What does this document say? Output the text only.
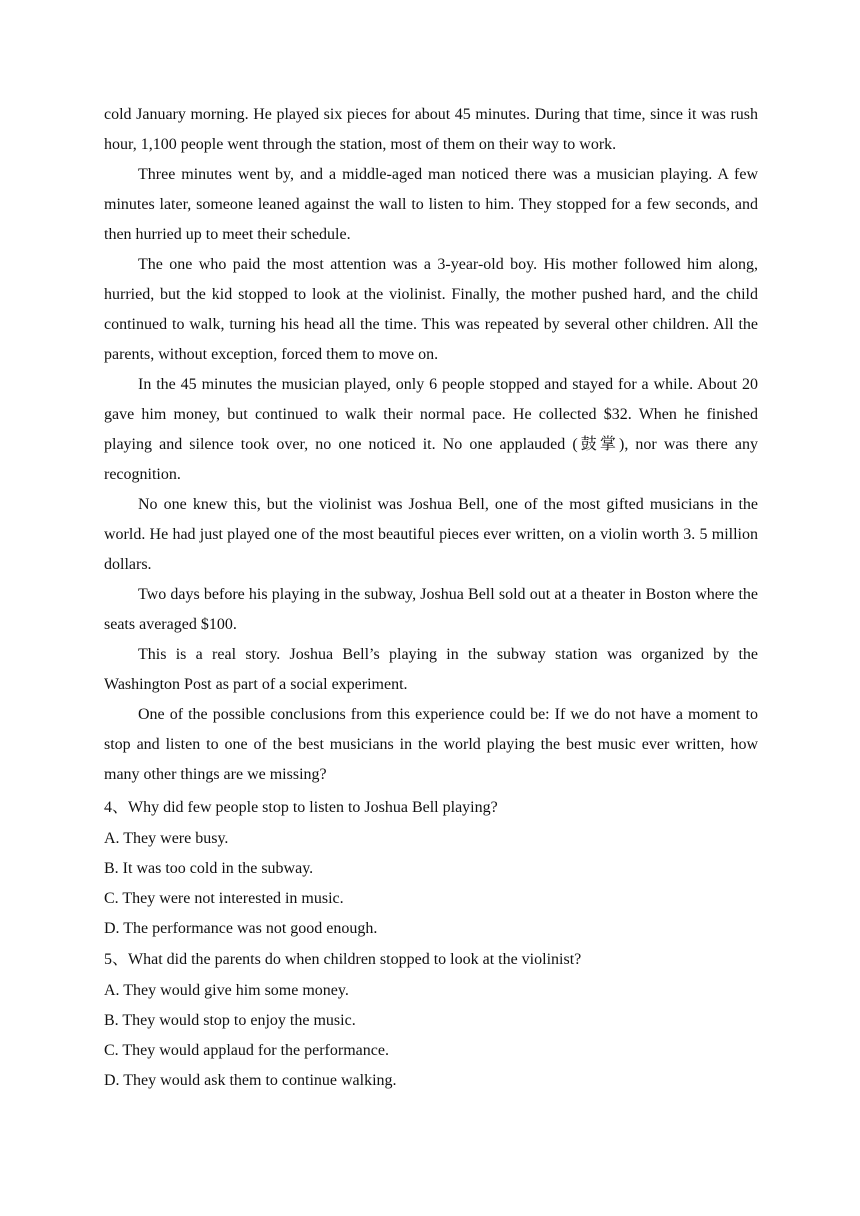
cold January morning. He played six pieces for about 45 minutes. During that time, since it was rush hour, 1,100 people went through the station, most of them on their way to work.

Three minutes went by, and a middle-aged man noticed there was a musician playing. A few minutes later, someone leaned against the wall to listen to him. They stopped for a few seconds, and then hurried up to meet their schedule.

The one who paid the most attention was a 3-year-old boy. His mother followed him along, hurried, but the kid stopped to look at the violinist. Finally, the mother pushed hard, and the child continued to walk, turning his head all the time. This was repeated by several other children. All the parents, without exception, forced them to move on.

In the 45 minutes the musician played, only 6 people stopped and stayed for a while. About 20 gave him money, but continued to walk their normal pace. He collected $32. When he finished playing and silence took over, no one noticed it. No one applauded (鼓掌), nor was there any recognition.

No one knew this, but the violinist was Joshua Bell, one of the most gifted musicians in the world. He had just played one of the most beautiful pieces ever written, on a violin worth 3. 5 million dollars.

Two days before his playing in the subway, Joshua Bell sold out at a theater in Boston where the seats averaged $100.

This is a real story. Joshua Bell’s playing in the subway station was organized by the Washington Post as part of a social experiment.

One of the possible conclusions from this experience could be: If we do not have a moment to stop and listen to one of the best musicians in the world playing the best music ever written, how many other things are we missing?

4、Why did few people stop to listen to Joshua Bell playing?

A. They were busy.

B. It was too cold in the subway.

C. They were not interested in music.

D. The performance was not good enough.

5、What did the parents do when children stopped to look at the violinist?

A. They would give him some money.

B. They would stop to enjoy the music.

C. They would applaud for the performance.

D. They would ask them to continue walking.
